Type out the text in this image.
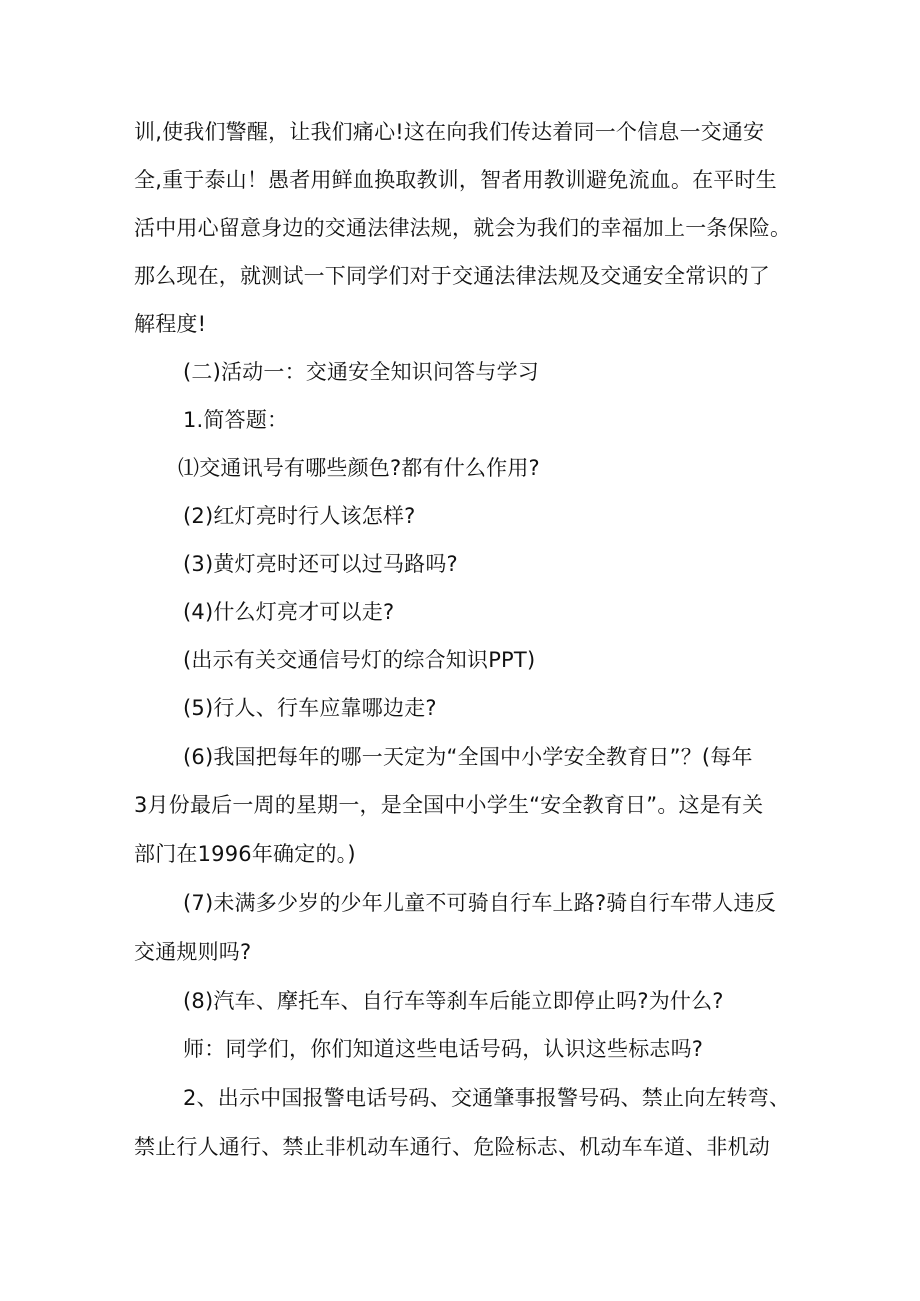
训,使我们警醒，让我们痛心!这在向我们传达着同一个信息一交通安
全,重于泰山！愚者用鲜血换取教训，智者用教训避免流血。在平时生
活中用心留意身边的交通法律法规，就会为我们的幸福加上一条保险。
那么现在，就测试一下同学们对于交通法律法规及交通安全常识的了
解程度!
(二)活动一：交通安全知识问答与学习
1.简答题：
⑴交通讯号有哪些颜色?都有什么作用?
(2)红灯亮时行人该怎样?
(3)黄灯亮时还可以过马路吗?
(4)什么灯亮才可以走?
(出示有关交通信号灯的综合知识PPT)
(5)行人、行车应靠哪边走?
(6)我国把每年的哪一天定为“全国中小学安全教育日”？(每年
3月份最后一周的星期一，是全国中小学生“安全教育日”。这是有关
部门在1996年确定的。)
(7)未满多少岁的少年儿童不可骑自行车上路?骑自行车带人违反
交通规则吗?
(8)汽车、摩托车、自行车等刹车后能立即停止吗?为什么?
师：同学们，你们知道这些电话号码，认识这些标志吗?
2、出示中国报警电话号码、交通肇事报警号码、禁止向左转弯、
禁止行人通行、禁止非机动车通行、危险标志、机动车车道、非机动
